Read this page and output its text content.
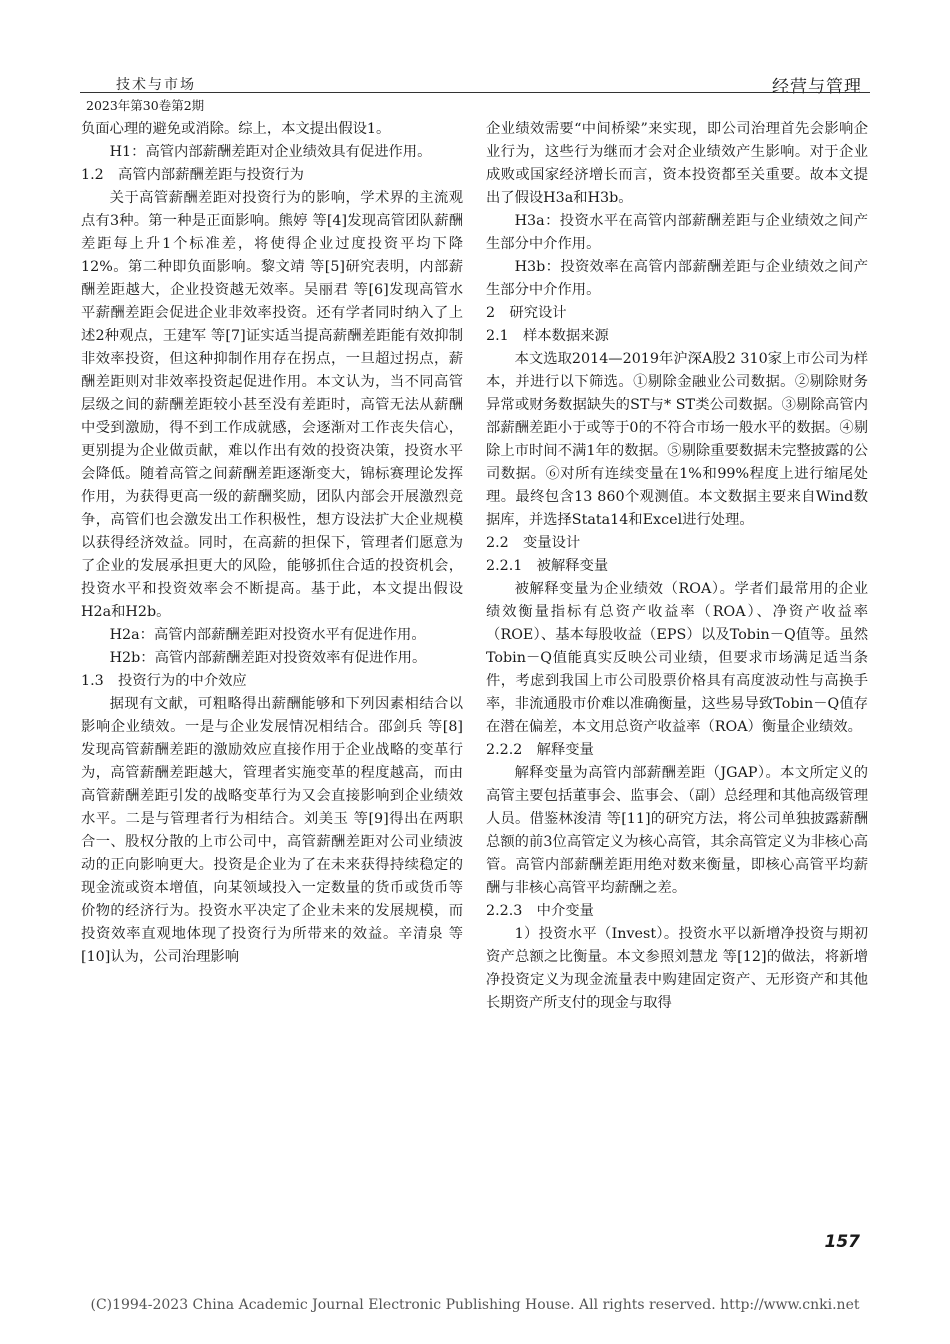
技术与市场
2023年第30卷第2期
经营与管理

负面心理的避免或消除。综上，本文提出假设1。

H1：高管内部薪酬差距对企业绩效具有促进作用。

1.2　高管内部薪酬差距与投资行为

关于高管薪酬差距对投资行为的影响，学术界的主流观点有3种。第一种是正面影响。熊婷 等[4]发现高管团队薪酬差距每上升1个标准差，将使得企业过度投资平均下降12%。第二种即负面影响。黎文靖 等[5]研究表明，内部薪酬差距越大，企业投资越无效率。吴丽君 等[6]发现高管水平薪酬差距会促进企业非效率投资。还有学者同时纳入了上述2种观点，王建军 等[7]证实适当提高薪酬差距能有效抑制非效率投资，但这种抑制作用存在拐点，一旦超过拐点，薪酬差距则对非效率投资起促进作用。本文认为，当不同高管层级之间的薪酬差距较小甚至没有差距时，高管无法从薪酬中受到激励，得不到工作成就感，会逐渐对工作丧失信心，更别提为企业做贡献，难以作出有效的投资决策，投资水平会降低。随着高管之间薪酬差距逐渐变大，锦标赛理论发挥作用，为获得更高一级的薪酬奖励，团队内部会开展激烈竞争，高管们也会激发出工作积极性，想方设法扩大企业规模以获得经济效益。同时，在高薪的担保下，管理者们愿意为了企业的发展承担更大的风险，能够抓住合适的投资机会，投资水平和投资效率会不断提高。基于此，本文提出假设H2a和H2b。

H2a：高管内部薪酬差距对投资水平有促进作用。

H2b：高管内部薪酬差距对投资效率有促进作用。

1.3　投资行为的中介效应

据现有文献，可粗略得出薪酬能够和下列因素相结合以影响企业绩效。一是与企业发展情况相结合。邵剑兵 等[8]发现高管薪酬差距的激励效应直接作用于企业战略的变革行为，高管薪酬差距越大，管理者实施变革的程度越高，而由高管薪酬差距引发的战略变革行为又会直接影响到企业绩效水平。二是与管理者行为相结合。刘美玉 等[9]得出在两职合一、股权分散的上市公司中，高管薪酬差距对公司业绩波动的正向影响更大。投资是企业为了在未来获得持续稳定的现金流或资本增值，向某领域投入一定数量的货币或货币等价物的经济行为。投资水平决定了企业未来的发展规模，而投资效率直观地体现了投资行为所带来的效益。辛清泉 等[10]认为，公司治理影响

企业绩效需要“中间桥梁”来实现，即公司治理首先会影响企业行为，这些行为继而才会对企业绩效产生影响。对于企业成败或国家经济增长而言，资本投资都至关重要。故本文提出了假设H3a和H3b。

H3a：投资水平在高管内部薪酬差距与企业绩效之间产生部分中介作用。

H3b：投资效率在高管内部薪酬差距与企业绩效之间产生部分中介作用。

2　研究设计

2.1　样本数据来源

本文选取2014—2019年沪深A股2 310家上市公司为样本，并进行以下筛选。①剔除金融业公司数据。②剔除财务异常或财务数据缺失的ST与* ST类公司数据。③剔除高管内部薪酬差距小于或等于0的不符合市场一般水平的数据。④剔除上市时间不满1年的数据。⑤剔除重要数据未完整披露的公司数据。⑥对所有连续变量在1%和99%程度上进行缩尾处理。最终包含13 860个观测值。本文数据主要来自Wind数据库，并选择Stata14和Excel进行处理。

2.2　变量设计

2.2.1　被解释变量

被解释变量为企业绩效（ROA）。学者们最常用的企业绩效衡量指标有总资产收益率（ROA）、净资产收益率（ROE）、基本每股收益（EPS）以及Tobin－Q值等。虽然Tobin－Q值能真实反映公司业绩，但要求市场满足适当条件，考虑到我国上市公司股票价格具有高度波动性与高换手率，非流通股市价难以准确衡量，这些易导致Tobin－Q值存在潜在偏差，本文用总资产收益率（ROA）衡量企业绩效。

2.2.2　解释变量

解释变量为高管内部薪酬差距（JGAP）。本文所定义的高管主要包括董事会、监事会、（副）总经理和其他高级管理人员。借鉴林浚清 等[11]的研究方法，将公司单独披露薪酬总额的前3位高管定义为核心高管，其余高管定义为非核心高管。高管内部薪酬差距用绝对数来衡量，即核心高管平均薪酬与非核心高管平均薪酬之差。

2.2.3　中介变量

1）投资水平（Invest）。投资水平以新增净投资与期初资产总额之比衡量。本文参照刘慧龙 等[12]的做法，将新增净投资定义为现金流量表中购建固定资产、无形资产和其他长期资产所支付的现金与取得

157
(C)1994-2023 China Academic Journal Electronic Publishing House. All rights reserved. http://www.cnki.net
